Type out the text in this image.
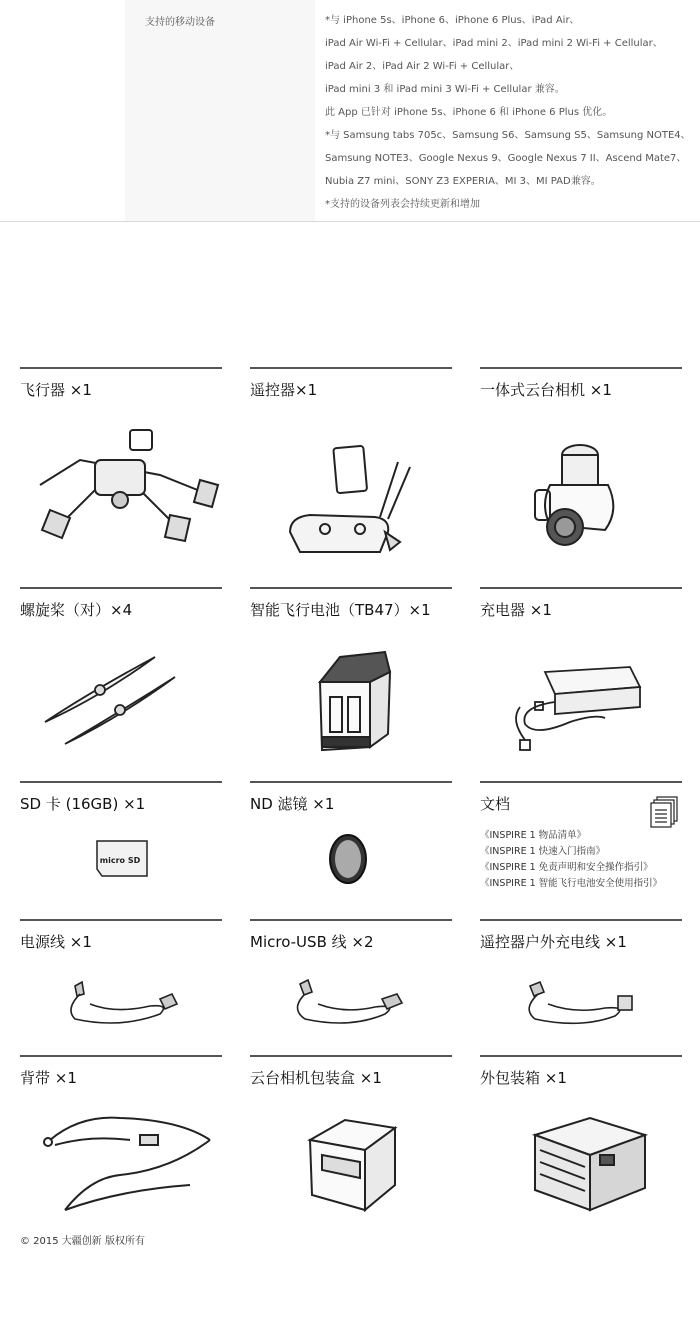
支持的移动设备	*与 iPhone 5s、iPhone 6、iPhone 6 Plus、iPad Air、
iPad Air Wi-Fi + Cellular、iPad mini 2、iPad mini 2 Wi-Fi + Cellular、
iPad Air 2、iPad Air 2 Wi-Fi + Cellular、
iPad mini 3 和 iPad mini 3 Wi-Fi + Cellular 兼容。
此 App 已针对 iPhone 5s、iPhone 6 和 iPhone 6 Plus 优化。
*与 Samsung tabs 705c、Samsung S6、Samsung S5、Samsung NOTE4、
Samsung NOTE3、Google Nexus 9、Google Nexus 7 II、Ascend Mate7、
Nubia Z7 mini、SONY Z3 EXPERIA、MI 3、MI PAD兼容。
*支持的设备列表会持续更新和增加
飞行器 ×1	遥控器×1	一体式云台相机 ×1
螺旋桨（对）×4	智能飞行电池（TB47）×1	充电器 ×1
SD 卡 (16GB) ×1
micro SD
ND 滤镜 ×1	文档
《INSPIRE 1 物品清单》
《INSPIRE 1 快速入门指南》
《INSPIRE 1 免责声明和安全操作指引》
《INSPIRE 1 智能飞行电池安全使用指引》
电源线 ×1	Micro-USB 线 ×2	遥控器户外充电线 ×1
背带 ×1	云台相机包装盒 ×1	外包装箱 ×1
© 2015 大疆创新 版权所有
